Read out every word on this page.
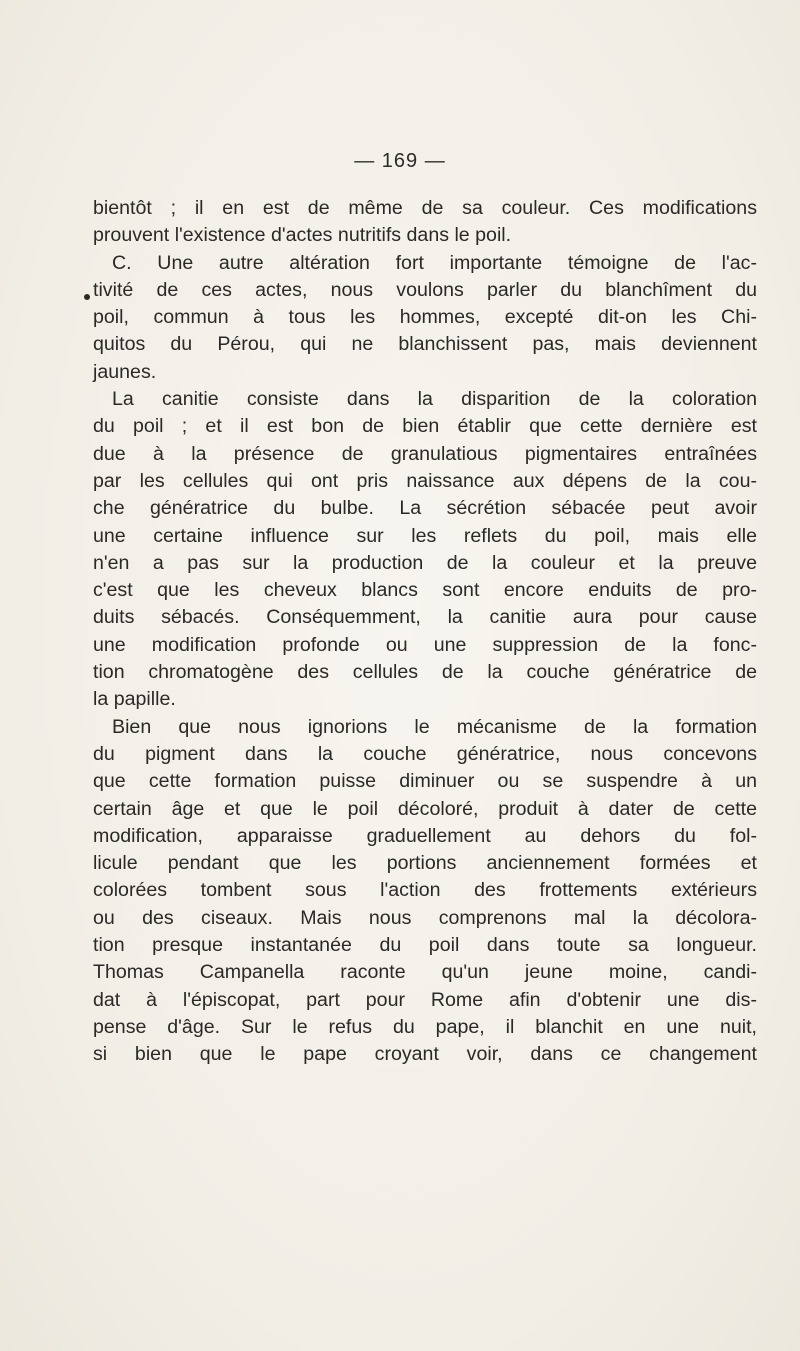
— 169 —
bientôt ; il en est de même de sa couleur. Ces modifications
prouvent l'existence d'actes nutritifs dans le poil.
C. Une autre altération fort importante témoigne de l'ac-
tivité de ces actes, nous voulons parler du blanchîment du
poil, commun à tous les hommes, excepté dit-on les Chi-
quitos du Pérou, qui ne blanchissent pas, mais deviennent
jaunes.
La canitie consiste dans la disparition de la coloration
du poil ; et il est bon de bien établir que cette dernière est
due à la présence de granulatious pigmentaires entraînées
par les cellules qui ont pris naissance aux dépens de la cou-
che génératrice du bulbe. La sécrétion sébacée peut avoir
une certaine influence sur les reflets du poil, mais elle
n'en a pas sur la production de la couleur et la preuve
c'est que les cheveux blancs sont encore enduits de pro-
duits sébacés. Conséquemment, la canitie aura pour cause
une modification profonde ou une suppression de la fonc-
tion chromatogène des cellules de la couche génératrice de
la papille.
Bien que nous ignorions le mécanisme de la formation
du pigment dans la couche génératrice, nous concevons
que cette formation puisse diminuer ou se suspendre à un
certain âge et que le poil décoloré, produit à dater de cette
modification, apparaisse graduellement au dehors du fol-
licule pendant que les portions anciennement formées et
colorées tombent sous l'action des frottements extérieurs
ou des ciseaux. Mais nous comprenons mal la décolora-
tion presque instantanée du poil dans toute sa longueur.
Thomas Campanella raconte qu'un jeune moine, candi-
dat à l'épiscopat, part pour Rome afin d'obtenir une dis-
pense d'âge. Sur le refus du pape, il blanchit en une nuit,
si bien que le pape croyant voir, dans ce changement
